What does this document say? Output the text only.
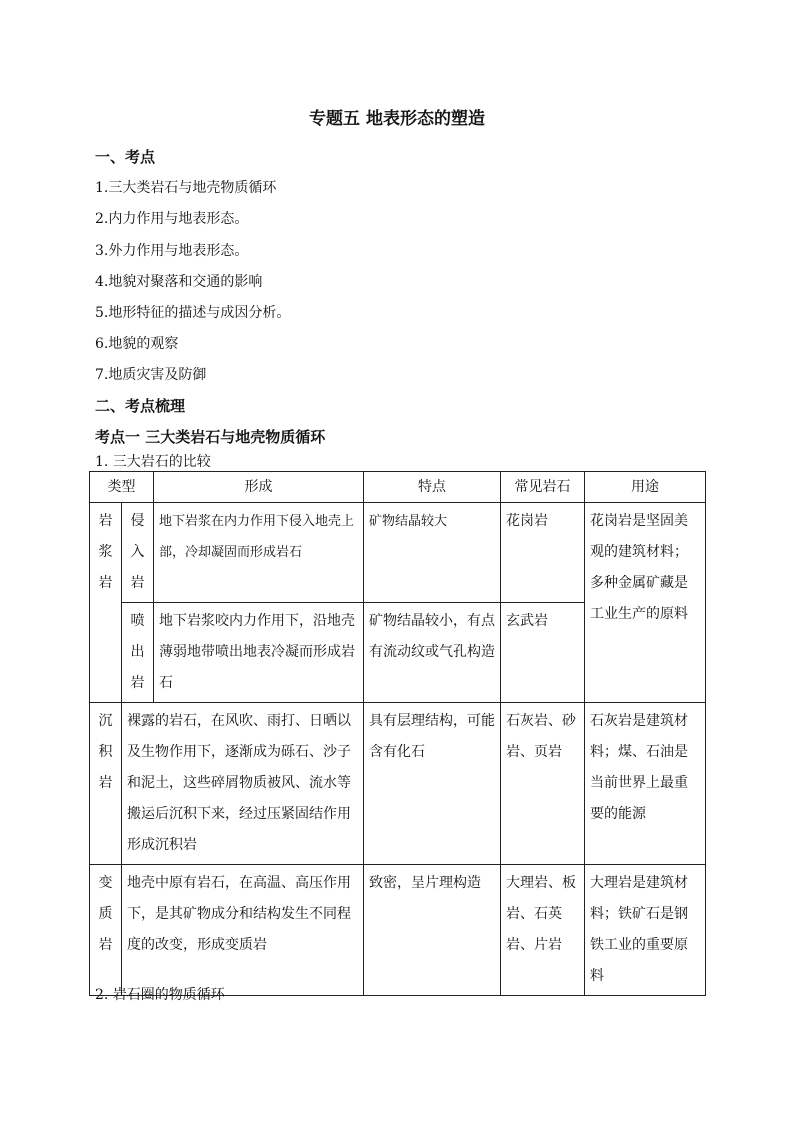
专题五 地表形态的塑造
一、考点
1.三大类岩石与地壳物质循环
2.内力作用与地表形态。
3.外力作用与地表形态。
4.地貌对聚落和交通的影响
5.地形特征的描述与成因分析。
6.地貌的观察
7.地质灾害及防御
二、考点梳理
考点一 三大类岩石与地壳物质循环
1. 三大岩石的比较
类型		形成	特点	常见岩石	用途

岩浆岩	侵入岩	地下岩浆在内力作用下侵入地壳上部，冷却凝固而形成岩石	矿物结晶较大	花岗岩	花岗岩是坚固美观的建筑材料；多种金属矿藏是工业生产的原料

	喷出岩	地下岩浆咬内力作用下，沿地壳薄弱地带喷出地表冷凝而形成岩石	矿物结晶较小，有点有流动纹或气孔构造	玄武岩	

沉积岩	裸露的岩石，在风吹、雨打、日晒以及生物作用下，逐渐成为砾石、沙子和泥土，这些碎屑物质被风、流水等搬运后沉积下来，经过压紧固结作用形成沉积岩		具有层理结构，可能含有化石	石灰岩、砂岩、页岩	石灰岩是建筑材料；煤、石油是当前世界上最重要的能源

变质岩	地壳中原有岩石，在高温、高压作用下，是其矿物成分和结构发生不同程度的改变，形成变质岩		致密，呈片理构造	大理岩、板岩、石英岩、片岩	大理岩是建筑材料；铁矿石是钢铁工业的重要原料
2. 岩石圈的物质循环
